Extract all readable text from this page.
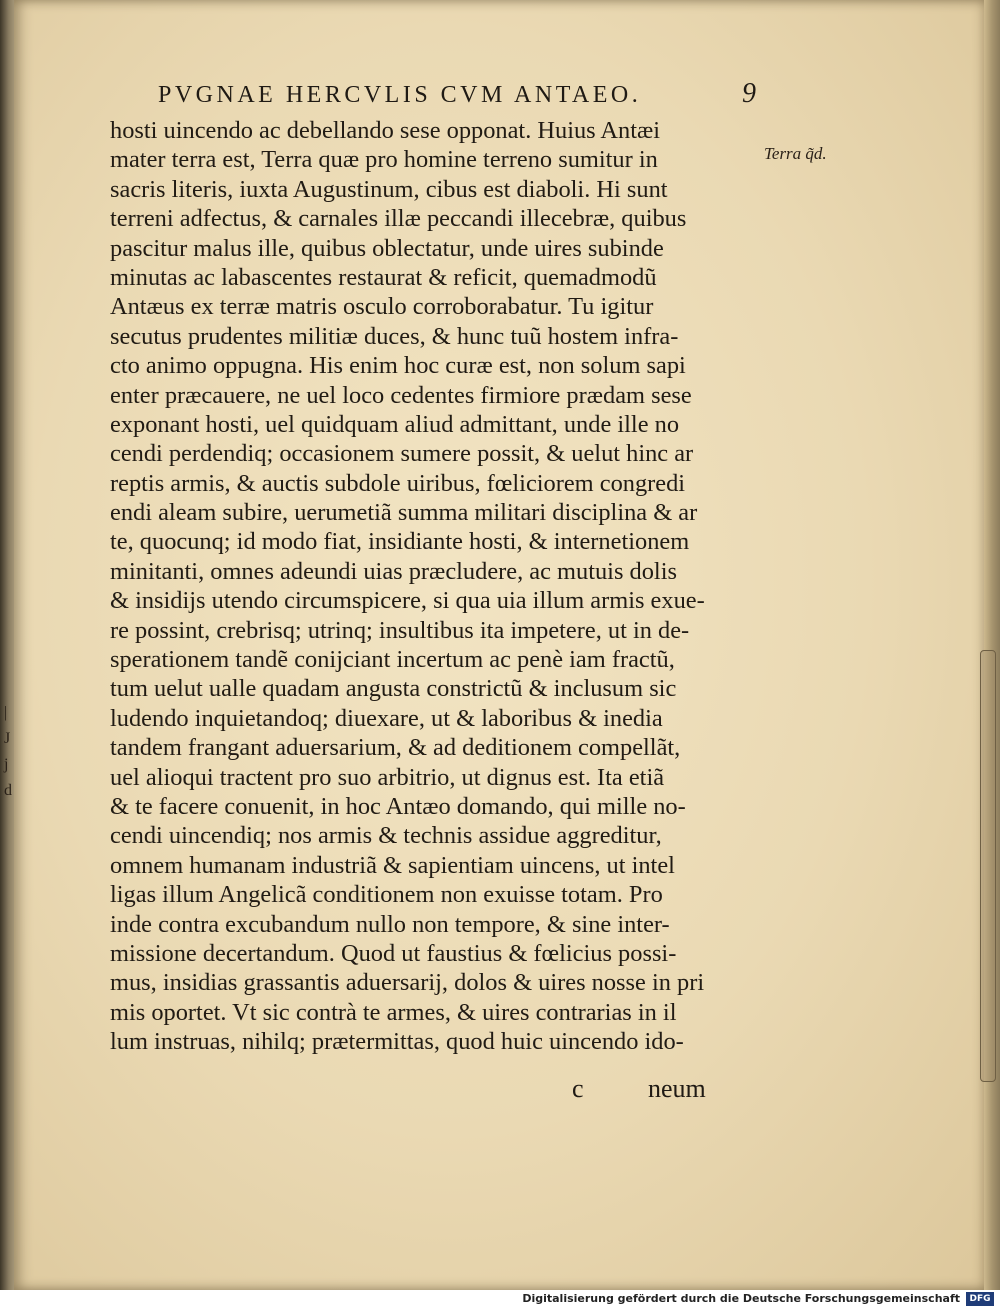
PVGNAE HERCVLIS CVM ANTAEO.	9
Terra q̃d.
|
J
j
d
hosti uincendo ac debellando sese opponat. Huius Antæi
mater terra est, Terra quæ pro homine terreno sumitur in
sacris literis, iuxta Augustinum, cibus est diaboli. Hi sunt
terreni adfectus, & carnales illæ peccandi illecebræ, quibus
pascitur malus ille, quibus oblectatur, unde uires subinde
minutas ac labascentes restaurat & reficit, quemadmodũ
Antæus ex terræ matris osculo corroborabatur. Tu igitur
secutus prudentes militiæ duces, & hunc tuũ hostem infra-
cto animo oppugna. His enim hoc curæ est, non solum sapi
enter præcauere, ne uel loco cedentes firmiore prædam sese
exponant hosti, uel quidquam aliud admittant, unde ille no
cendi perdendiq; occasionem sumere possit, & uelut hinc ar
reptis armis, & auctis subdole uiribus, fœliciorem congredi
endi aleam subire, uerumetiã summa militari disciplina & ar
te, quocunq; id modo fiat, insidiante hosti, & internetionem
minitanti, omnes adeundi uias præcludere, ac mutuis dolis
& insidijs utendo circumspicere, si qua uia illum armis exue-
re possint, crebrisq; utrinq; insultibus ita impetere, ut in de-
sperationem tandẽ conijciant incertum ac penè iam fractũ,
tum uelut ualle quadam angusta constrictũ & inclusum sic
ludendo inquietandoq; diuexare, ut & laboribus & inedia
tandem frangant aduersarium, & ad deditionem compellãt,
uel alioqui tractent pro suo arbitrio, ut dignus est. Ita etiã
& te facere conuenit, in hoc Antæo domando, qui mille no-
cendi uincendiq; nos armis & technis assidue aggreditur,
omnem humanam industriã & sapientiam uincens, ut intel
ligas illum Angelicã conditionem non exuisse totam. Pro
inde contra excubandum nullo non tempore, & sine inter-
missione decertandum. Quod ut faustius & fœlicius possi-
mus, insidias grassantis aduersarij, dolos & uires nosse in pri
mis oportet. Vt sic contrà te armes, & uires contrarias in il
lum instruas, nihilq; prætermittas, quod huic uincendo ido-
c neum
Digitalisierung gefördert durch die Deutsche Forschungsgemeinschaft	DFG
